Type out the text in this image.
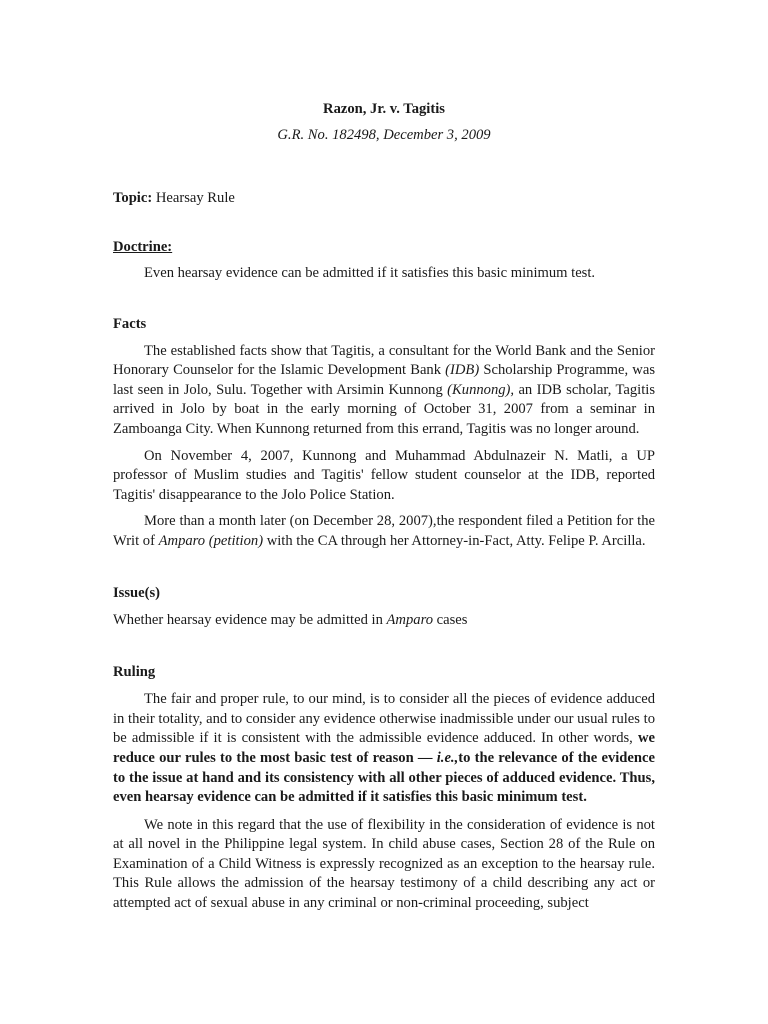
Razon, Jr. v. Tagitis
G.R. No. 182498, December 3, 2009
Topic: Hearsay Rule
Doctrine:

Even hearsay evidence can be admitted if it satisfies this basic minimum test.

Facts

The established facts show that Tagitis, a consultant for the World Bank and the Senior Honorary Counselor for the Islamic Development Bank (IDB) Scholarship Programme, was last seen in Jolo, Sulu. Together with Arsimin Kunnong (Kunnong), an IDB scholar, Tagitis arrived in Jolo by boat in the early morning of October 31, 2007 from a seminar in Zamboanga City. When Kunnong returned from this errand, Tagitis was no longer around.

On November 4, 2007, Kunnong and Muhammad Abdulnazeir N. Matli, a UP professor of Muslim studies and Tagitis' fellow student counselor at the IDB, reported Tagitis' disappearance to the Jolo Police Station.

More than a month later (on December 28, 2007),the respondent filed a Petition for the Writ of Amparo (petition) with the CA through her Attorney-in-Fact, Atty. Felipe P. Arcilla.

Issue(s)

Whether hearsay evidence may be admitted in Amparo cases

Ruling

The fair and proper rule, to our mind, is to consider all the pieces of evidence adduced in their totality, and to consider any evidence otherwise inadmissible under our usual rules to be admissible if it is consistent with the admissible evidence adduced. In other words, we reduce our rules to the most basic test of reason — i.e.,to the relevance of the evidence to the issue at hand and its consistency with all other pieces of adduced evidence. Thus, even hearsay evidence can be admitted if it satisfies this basic minimum test.

We note in this regard that the use of flexibility in the consideration of evidence is not at all novel in the Philippine legal system. In child abuse cases, Section 28 of the Rule on Examination of a Child Witness is expressly recognized as an exception to the hearsay rule. This Rule allows the admission of the hearsay testimony of a child describing any act or attempted act of sexual abuse in any criminal or non-criminal proceeding, subject
